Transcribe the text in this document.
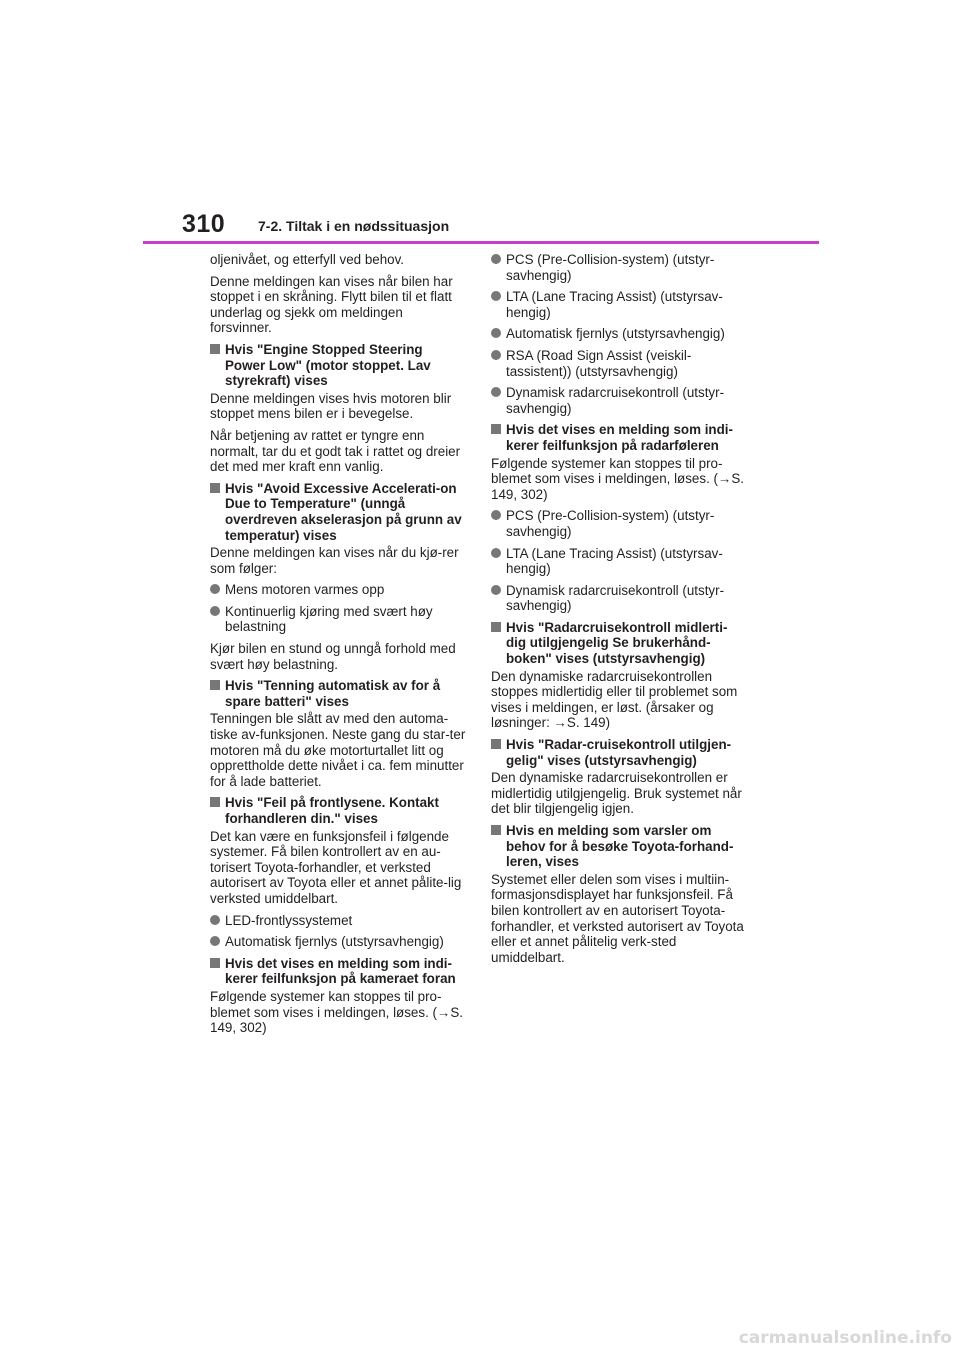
310 7-2. Tiltak i en nødssituasjon

oljenivået, og etterfyll ved behov.

Denne meldingen kan vises når bilen har stoppet i en skråning. Flytt bilen til et flatt underlag og sjekk om meldingen forsvinner.

Hvis "Engine Stopped Steering Power Low" (motor stoppet. Lav styrekraft) vises

Denne meldingen vises hvis motoren blir stoppet mens bilen er i bevegelse.

Når betjening av rattet er tyngre enn normalt, tar du et godt tak i rattet og dreier det med mer kraft enn vanlig.

Hvis "Avoid Excessive Accelerati-on Due to Temperature" (unngå overdreven akselerasjon på grunn av temperatur) vises

Denne meldingen kan vises når du kjø-rer som følger:

Mens motoren varmes opp
Kontinuerlig kjøring med svært høy belastning

Kjør bilen en stund og unngå forhold med svært høy belastning.

Hvis "Tenning automatisk av for å spare batteri" vises

Tenningen ble slått av med den automa-tiske av-funksjonen. Neste gang du star-ter motoren må du øke motorturtallet litt og opprettholde dette nivået i ca. fem minutter for å lade batteriet.

Hvis "Feil på frontlysene. Kontakt forhandleren din." vises

Det kan være en funksjonsfeil i følgende systemer. Få bilen kontrollert av en au-torisert Toyota-forhandler, et verksted autorisert av Toyota eller et annet pålite-lig verksted umiddelbart.

LED-frontlyssystemet
Automatisk fjernlys (utstyrsavhengig)
Hvis det vises en melding som indi-kerer feilfunksjon på kameraet foran

Følgende systemer kan stoppes til pro-blemet som vises i meldingen, løses. (→S. 149, 302)

PCS (Pre-Collision-system) (utstyr-savhengig)
LTA (Lane Tracing Assist) (utstyrsav-hengig)
Automatisk fjernlys (utstyrsavhengig)
RSA (Road Sign Assist (veiskil-tassistent)) (utstyrsavhengig)
Dynamisk radarcruisekontroll (utstyr-savhengig)
Hvis det vises en melding som indi-kerer feilfunksjon på radarføleren

Følgende systemer kan stoppes til pro-blemet som vises i meldingen, løses. (→S. 149, 302)

PCS (Pre-Collision-system) (utstyr-savhengig)
LTA (Lane Tracing Assist) (utstyrsav-hengig)
Dynamisk radarcruisekontroll (utstyr-savhengig)
Hvis "Radarcruisekontroll midlerti-dig utilgjengelig Se brukerhånd-boken" vises (utstyrsavhengig)

Den dynamiske radarcruisekontrollen stoppes midlertidig eller til problemet som vises i meldingen, er løst. (årsaker og løsninger: →S. 149)

Hvis "Radar-cruisekontroll utilgjen-gelig" vises (utstyrsavhengig)

Den dynamiske radarcruisekontrollen er midlertidig utilgjengelig. Bruk systemet når det blir tilgjengelig igjen.

Hvis en melding som varsler om behov for å besøke Toyota-forhand-leren, vises

Systemet eller delen som vises i multiin-formasjonsdisplayet har funksjonsfeil. Få bilen kontrollert av en autorisert Toyota-forhandler, et verksted autorisert av Toyota eller et annet pålitelig verk-sted umiddelbart.

carmanualsonline.info
